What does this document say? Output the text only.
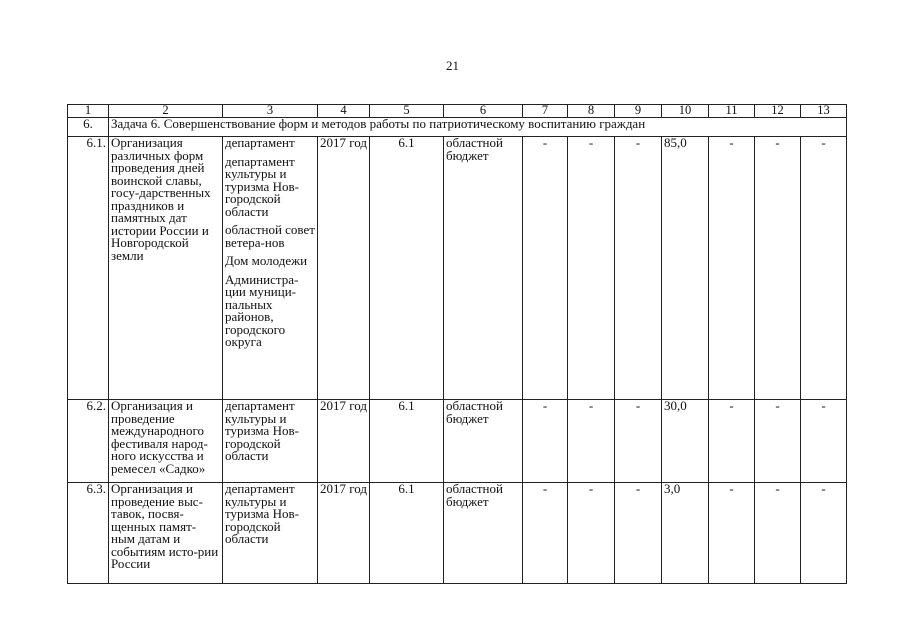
21
1	2	3	4	5	6	7	8	9	10	11	12	13
6.	Задача 6. Совершенствование форм и методов работы по патриотическому воспитанию граждан											
6.1.	Организация различных форм проведения дней воинской славы, госу-дарственных праздников и памятных дат истории России и Новгородской земли	департамент
департамент культуры и туризма Нов-городской области
областной совет ветера-нов
Дом молодежи
Администра-ции муници-пальных районов, городского округа	2017 год	6.1	областной бюджет	-	-	-	85,0	-	-	-
6.2.	Организация и проведение международного фестиваля народ-ного искусства и ремесел «Садко»	департамент культуры и туризма Нов-городской области	2017 год	6.1	областной бюджет	-	-	-	30,0	-	-	-
6.3.	Организация и проведение выс-тавок, посвя-щенных памят-ным датам и событиям исто-рии России	департамент культуры и туризма Нов-городской области	2017 год	6.1	областной бюджет	-	-	-	3,0	-	-	-
